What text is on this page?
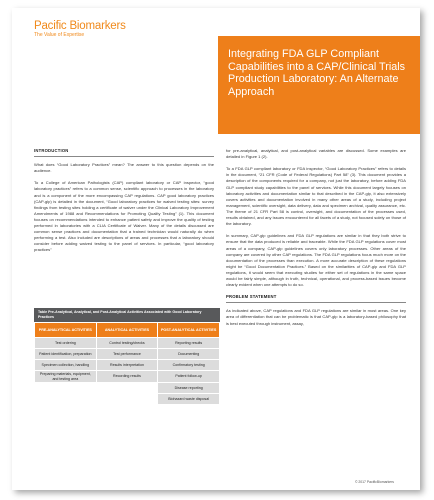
Pacific Biomarkers
The Value of Expertise
Integrating FDA GLP Compliant Capabilities into a CAP/Clinical Trials Production Laboratory: An Alternate Approach
INTRODUCTION

What does “Good Laboratory Practices” mean? The answer to this question depends on the audience.

To a College of American Pathologists (CAP) compliant laboratory or CAP inspector, “good laboratory practices” refers to a common sense, scientific approach to processes in the laboratory and is a component of the more encompassing CAP regulations. CAP good laboratory practices (CAP-glp) is detailed in the document, “Good laboratory practices for waived testing sites: survey findings from testing sites holding a certificate of waiver under the Clinical Laboratory Improvement Amendments of 1988 and Recommendations for Promoting Quality Testing” (1). This document focuses on recommendations intended to enhance patient safety and improve the quality of testing performed in laboratories with a CLIA Certificate of Waiver. Many of the details discussed are common sense practices and documentation that a trained technician would naturally do when performing a test. Also included are descriptions of areas and processes that a laboratory should consider before adding waived testing to the panel of services. In particular, “good laboratory practices”

Table Pre-Analytical, Analytical, and Post-Analytical Activities Associated with Good Laboratory Practices
PRE-ANALYTICAL ACTIVITIES	ANALYTICAL ACTIVITIES	POST-ANALYTICAL ACTIVITIES
Test ordering	Control testing/checks	Reporting results
Patient identification, preparation	Test performance	Documenting
Specimen collection, handling	Results interpretation	Confirmatory testing
Preparing materials, equipment, and testing area	Recording results	Patient follow-up
		Disease reporting
		Biohazard waste disposal

for pre-analytical, analytical, and post-analytical variables are discussed. Some examples are detailed in Figure 1 (2).

To a FDA GLP compliant laboratory or FDA inspector, “Good Laboratory Practices” refers to details in the document, “21 CFR (Code of Federal Regulations) Part 58” (3). This document provides a description of the components required for a company, not just the laboratory, before adding FDA GLP compliant study capabilities to the panel of services. While this document largely focuses on laboratory activities and documentation similar to that described in the CAP-glp, it also extensively covers activities and documentation involved in many other areas of a study, including project management, scientific oversight, data delivery, data and specimen archival, quality assurance, etc. The theme of 21 CFR Part 58 is control, oversight, and documentation of the processes used, results obtained, and any issues encountered for all facets of a study, not focused solely on those of the laboratory.

In summary, CAP-glp guidelines and FDA GLP regulations are similar in that they both strive to ensure that the data produced is reliable and traceable. While the FDA GLP regulations cover most areas of a company, CAP-glp guidelines covers only laboratory processes. Other areas of the company are covered by other CAP regulations. The FDA GLP regulations focus much more on the documentation of the processes than execution. A more accurate description of these regulations might be “Good Documentation Practices.” Based on the similarities of CAP-glp and FDA GLP regulations, it would seem that executing studies for either set of regulations in the same space would be fairly simple, although in truth, technical, operational, and process-based issues become clearly evident when one attempts to do so.

PROBLEM STATEMENT

As indicated above, CAP regulations and FDA GLP regulations are similar in most areas. One key area of differentiation that can be problematic is that CAP-glp is a laboratory-based philosophy that is best executed through instrument, assay,

© 2017 PacificBiomarkers
